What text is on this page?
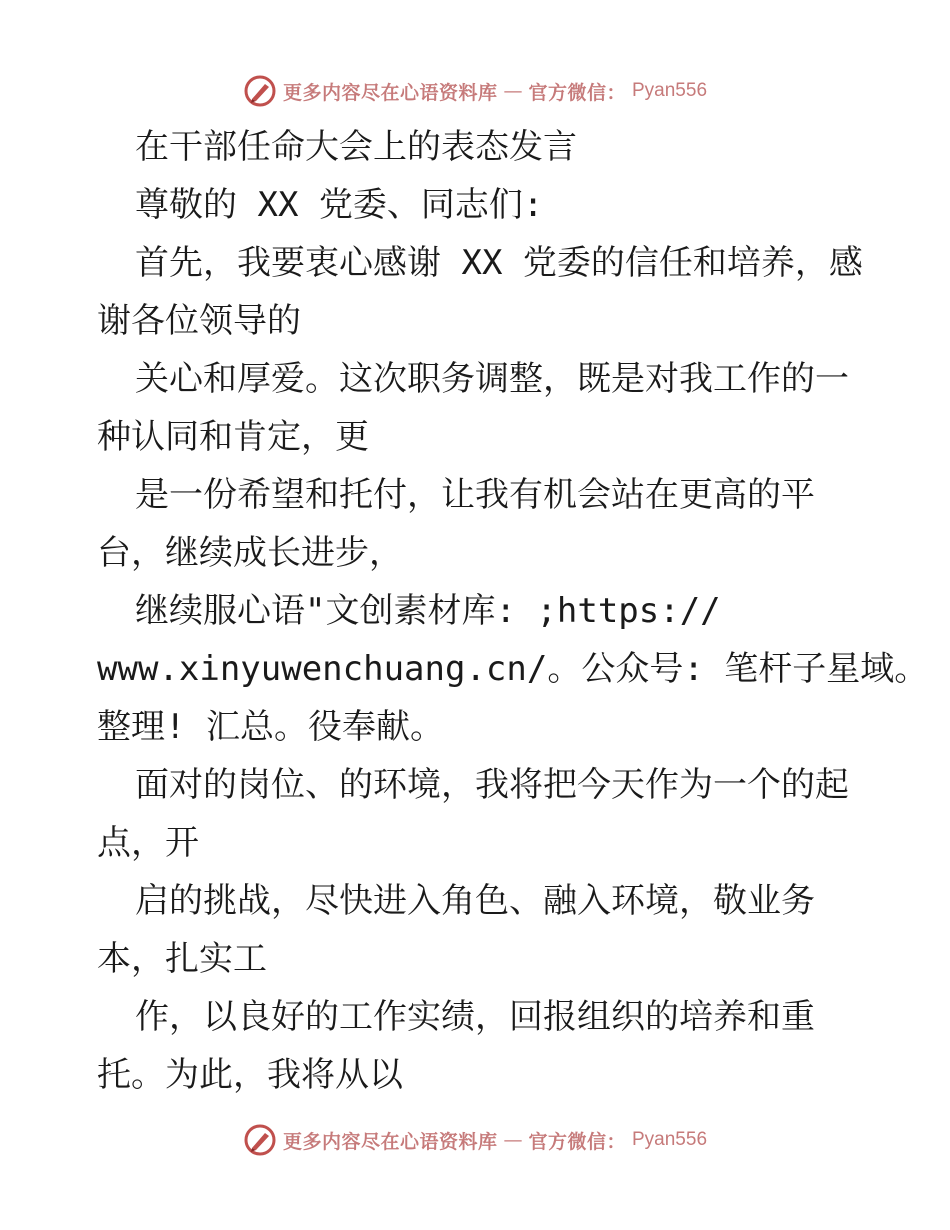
更多内容尽在心语资料库 — 官方微信： Pyan556
在干部任命大会上的表态发言
尊敬的 XX 党委、同志们:
首先，我要衷心感谢 XX 党委的信任和培养，感
谢各位领导的
关心和厚爱。这次职务调整，既是对我工作的一
种认同和肯定，更
是一份希望和托付，让我有机会站在更高的平
台，继续成长进步，
继续服心语"文创素材库: ;https://
www.xinyuwenchuang.cn/。公众号: 笔杆子星域。
整理! 汇总。役奉献。
面对的岗位、的环境，我将把今天作为一个的起
点，开
启的挑战，尽快进入角色、融入环境，敬业务
本，扎实工
作，以良好的工作实绩，回报组织的培养和重
托。为此，我将从以
更多内容尽在心语资料库 — 官方微信： Pyan556
